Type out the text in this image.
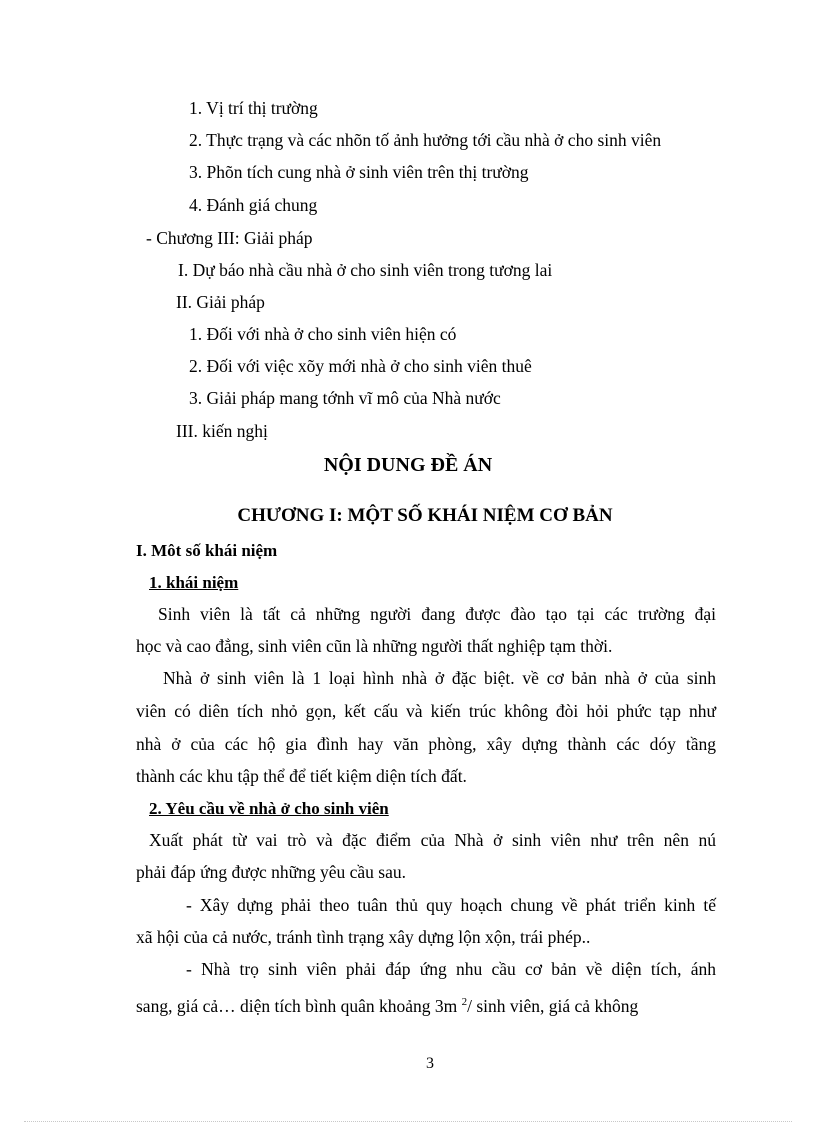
1. Vị trí thị trường
2. Thực trạng và các nhõn tố ảnh hưởng tới cầu nhà ở cho sinh viên
3. Phõn tích cung nhà ở sinh viên trên thị trường
4. Đánh giá chung
- Chương III: Giải pháp
I. Dự báo nhà cầu nhà ở cho sinh viên trong tương lai
II. Giải pháp
1. Đối với nhà ở cho sinh viên hiện có
2. Đối với việc xõy mới nhà ở cho sinh viên thuê
3. Giải pháp mang tớnh vĩ mô của Nhà nước
III. kiến nghị
NỘI DUNG ĐỀ ÁN
CHƯƠNG I: MỘT SỐ KHÁI NIỆM CƠ BẢN
I. Môt số khái niệm
1. khái niệm
Sinh viên là tất cả những người đang được đào tạo tại các trường đại
học và cao đẳng, sinh viên cũn là những người thất nghiệp tạm thời.
Nhà ở sinh viên là 1 loại hình nhà ở đặc biệt. về cơ bản nhà ở của sinh
viên có diên tích nhỏ gọn, kết cấu và kiến trúc không đòi hỏi phức tạp như
nhà ở của các hộ gia đình hay văn phòng, xây dựng thành các dóy tầng
thành các khu tập thể để tiết kiệm diện tích đất.
2. Yêu cầu về nhà ở cho sinh viên
Xuất phát từ vai trò và đặc điểm của Nhà ở sinh viên như trên nên nú
phải đáp ứng được những yêu cầu sau.
- Xây dựng phải theo tuân thủ quy hoạch chung về phát triển kinh tế
xã hội của cả nước, tránh tình trạng xây dựng lộn xộn, trái phép..
- Nhà trọ sinh viên phải đáp ứng nhu cầu cơ bản về diện tích, ánh
sang, giá cả… diện tích bình quân khoảng 3m $^2$/ sinh viên, giá cả không
3
